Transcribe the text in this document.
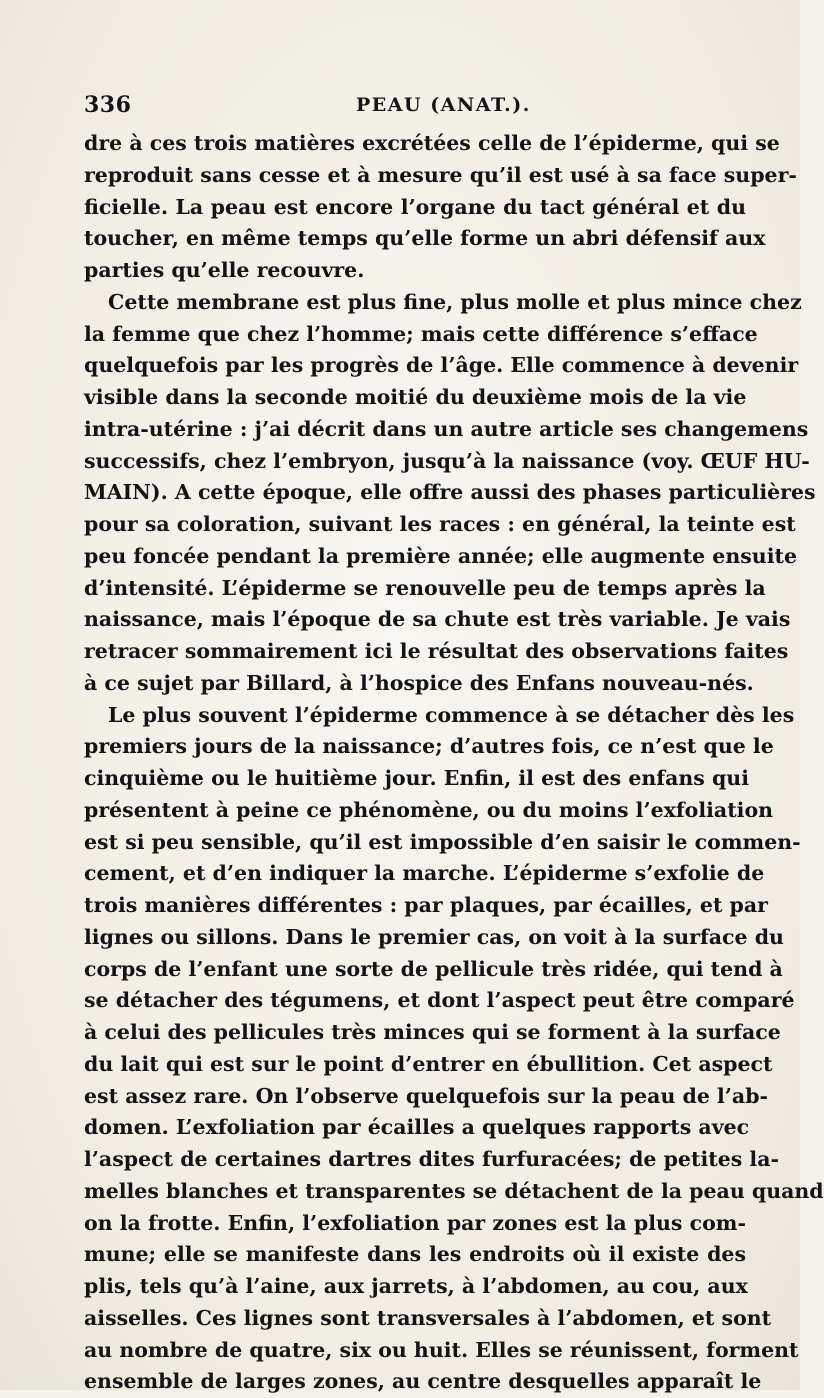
336	PEAU (ANAT.).
dre à ces trois matières excrétées celle de l’épiderme, qui se
reproduit sans cesse et à mesure qu’il est usé à sa face super-
ficielle. La peau est encore l’organe du tact général et du
toucher, en même temps qu’elle forme un abri défensif aux
parties qu’elle recouvre.
Cette membrane est plus fine, plus molle et plus mince chez
la femme que chez l’homme; mais cette différence s’efface
quelquefois par les progrès de l’âge. Elle commence à devenir
visible dans la seconde moitié du deuxième mois de la vie
intra-utérine : j’ai décrit dans un autre article ses changemens
successifs, chez l’embryon, jusqu’à la naissance (voy. ŒUF HU-
MAIN). A cette époque, elle offre aussi des phases particulières
pour sa coloration, suivant les races : en général, la teinte est
peu foncée pendant la première année; elle augmente ensuite
d’intensité. L’épiderme se renouvelle peu de temps après la
naissance, mais l’époque de sa chute est très variable. Je vais
retracer sommairement ici le résultat des observations faites
à ce sujet par Billard, à l’hospice des Enfans nouveau-nés.
Le plus souvent l’épiderme commence à se détacher dès les
premiers jours de la naissance; d’autres fois, ce n’est que le
cinquième ou le huitième jour. Enfin, il est des enfans qui
présentent à peine ce phénomène, ou du moins l’exfoliation
est si peu sensible, qu’il est impossible d’en saisir le commen-
cement, et d’en indiquer la marche. L’épiderme s’exfolie de
trois manières différentes : par plaques, par écailles, et par
lignes ou sillons. Dans le premier cas, on voit à la surface du
corps de l’enfant une sorte de pellicule très ridée, qui tend à
se détacher des tégumens, et dont l’aspect peut être comparé
à celui des pellicules très minces qui se forment à la surface
du lait qui est sur le point d’entrer en ébullition. Cet aspect
est assez rare. On l’observe quelquefois sur la peau de l’ab-
domen. L’exfoliation par écailles a quelques rapports avec
l’aspect de certaines dartres dites furfuracées; de petites la-
melles blanches et transparentes se détachent de la peau quand
on la frotte. Enfin, l’exfoliation par zones est la plus com-
mune; elle se manifeste dans les endroits où il existe des
plis, tels qu’à l’aine, aux jarrets, à l’abdomen, au cou, aux
aisselles. Ces lignes sont transversales à l’abdomen, et sont
au nombre de quatre, six ou huit. Elles se réunissent, forment
ensemble de larges zones, au centre desquelles apparaît le
